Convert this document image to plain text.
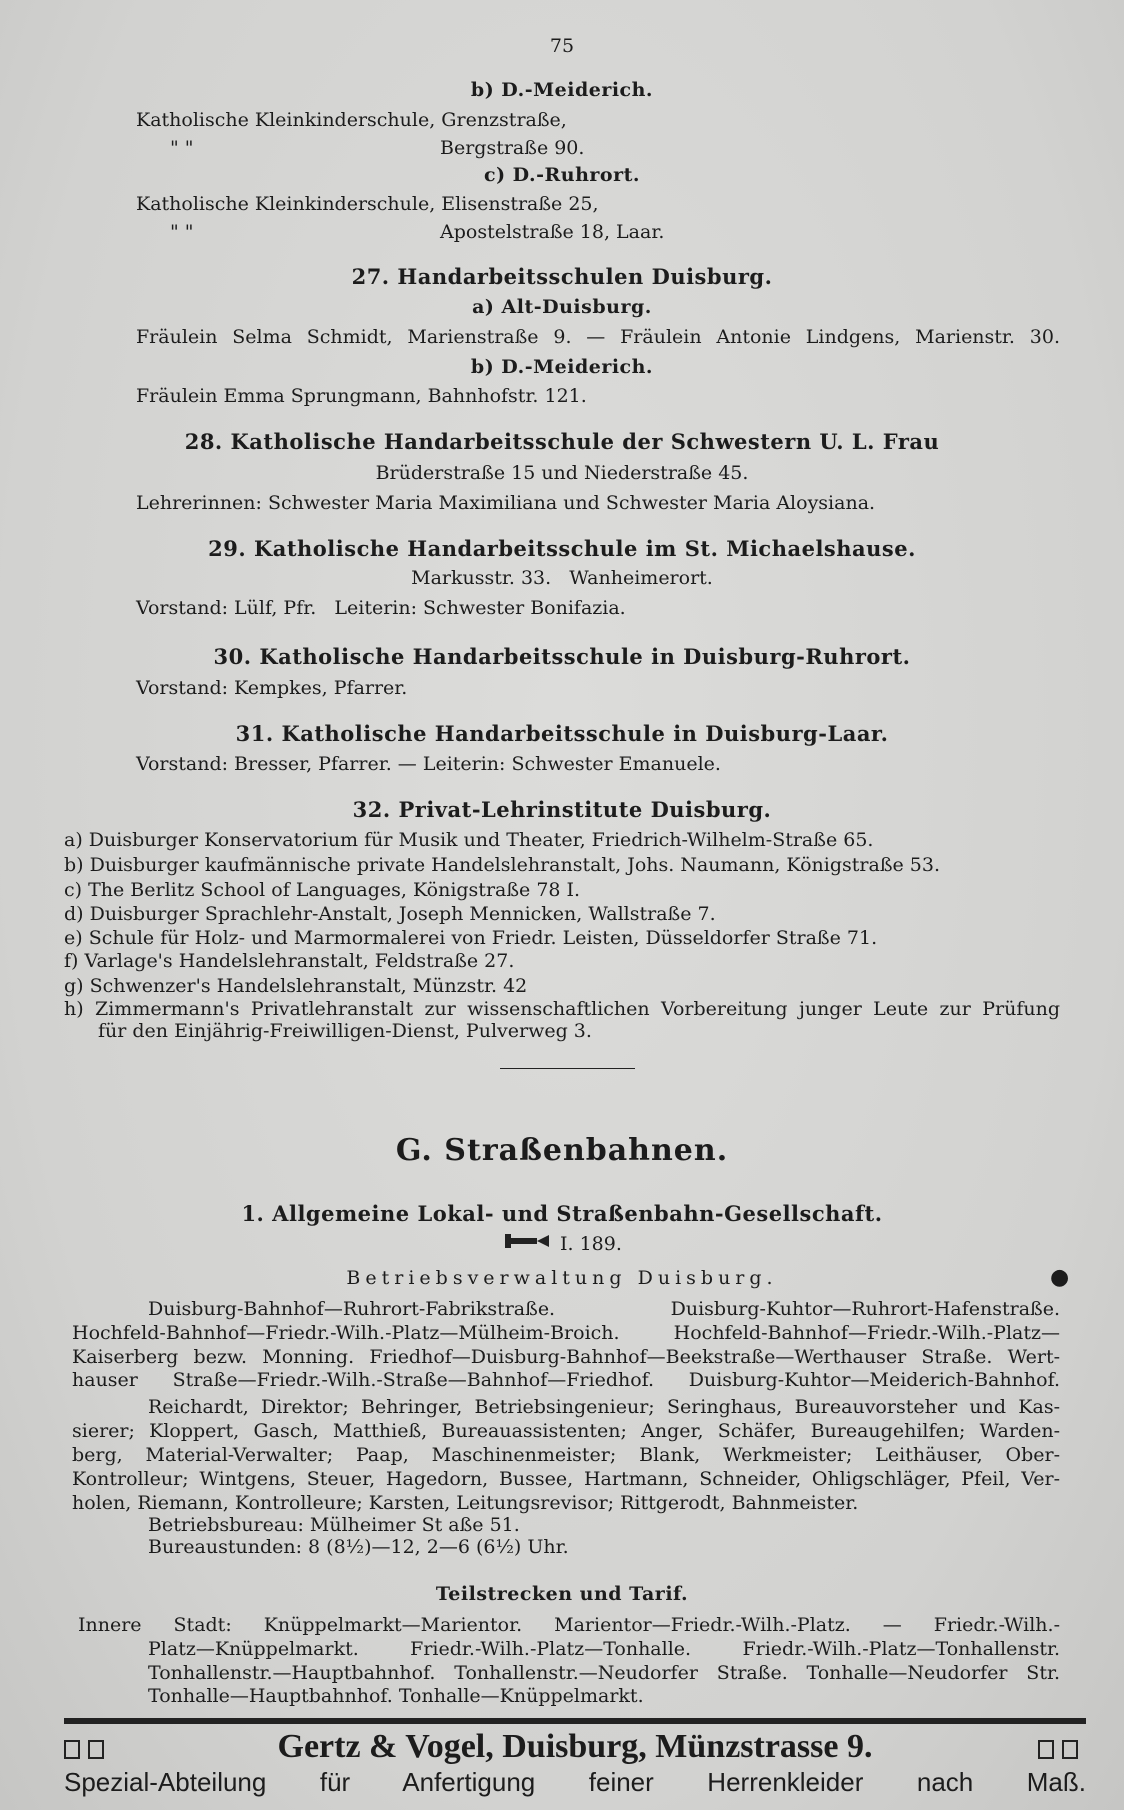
75
b) D.-Meiderich.
Katholische Kleinkinderschule, Grenzstraße,
" "	Bergstraße 90.
c) D.-Ruhrort.
Katholische Kleinkinderschule, Elisenstraße 25,
" "	Apostelstraße 18, Laar.
27. Handarbeitsschulen Duisburg.
a) Alt-Duisburg.
Fräulein Selma Schmidt, Marienstraße 9. — Fräulein Antonie Lindgens, Marienstr. 30.
b) D.-Meiderich.
Fräulein Emma Sprungmann, Bahnhofstr. 121.
28. Katholische Handarbeitsschule der Schwestern U. L. Frau
Brüderstraße 15 und Niederstraße 45.
Lehrerinnen: Schwester Maria Maximiliana und Schwester Maria Aloysiana.
29. Katholische Handarbeitsschule im St. Michaelshause.
Markusstr. 33.   Wanheimerort.
Vorstand: Lülf, Pfr.   Leiterin: Schwester Bonifazia.
30. Katholische Handarbeitsschule in Duisburg-Ruhrort.
Vorstand: Kempkes, Pfarrer.
31. Katholische Handarbeitsschule in Duisburg-Laar.
Vorstand: Bresser, Pfarrer. — Leiterin: Schwester Emanuele.
32. Privat-Lehrinstitute Duisburg.
a) Duisburger Konservatorium für Musik und Theater, Friedrich-Wilhelm-Straße 65.
b) Duisburger kaufmännische private Handelslehranstalt, Johs. Naumann, Königstraße 53.
c) The Berlitz School of Languages, Königstraße 78 I.
d) Duisburger Sprachlehr-Anstalt, Joseph Mennicken, Wallstraße 7.
e) Schule für Holz- und Marmormalerei von Friedr. Leisten, Düsseldorfer Straße 71.
f) Varlage's Handelslehranstalt, Feldstraße 27.
g) Schwenzer's Handelslehranstalt, Münzstr. 42
h) Zimmermann's Privatlehranstalt zur wissenschaftlichen Vorbereitung junger Leute zur Prüfung
für den Einjährig-Freiwilligen-Dienst, Pulverweg 3.
G. Straßenbahnen.
1. Allgemeine Lokal- und Straßenbahn-Gesellschaft.
I. 189.
Betriebsverwaltung Duisburg.	●
Duisburg-Bahnhof—Ruhrort-Fabrikstraße.     Duisburg-Kuhtor—Ruhrort-Hafenstraße.
Hochfeld-Bahnhof—Friedr.-Wilh.-Platz—Mülheim-Broich. Hochfeld-Bahnhof—Friedr.-Wilh.-Platz—
Kaiserberg bezw. Monning. Friedhof—Duisburg-Bahnhof—Beekstraße—Werthauser Straße. Wert-
hauser Straße—Friedr.-Wilh.-Straße—Bahnhof—Friedhof. Duisburg-Kuhtor—Meiderich-Bahnhof.
Reichardt, Direktor; Behringer, Betriebsingenieur; Seringhaus, Bureauvorsteher und Kas-
sierer; Kloppert, Gasch, Matthieß, Bureauassistenten; Anger, Schäfer, Bureaugehilfen; Warden-
berg, Material-Verwalter; Paap, Maschinenmeister; Blank, Werkmeister; Leithäuser, Ober-
Kontrolleur; Wintgens, Steuer, Hagedorn, Bussee, Hartmann, Schneider, Ohligschläger, Pfeil, Ver-
holen, Riemann, Kontrolleure; Karsten, Leitungsrevisor; Rittgerodt, Bahnmeister.
Betriebsbureau: Mülheimer St aße 51.
Bureaustunden: 8 (8½)—12, 2—6 (6½) Uhr.
Teilstrecken und Tarif.
Innere Stadt: Knüppelmarkt—Marientor. Marientor—Friedr.-Wilh.-Platz. — Friedr.-Wilh.-
Platz—Knüppelmarkt. Friedr.-Wilh.-Platz—Tonhalle. Friedr.-Wilh.-Platz—Tonhallenstr.
Tonhallenstr.—Hauptbahnhof. Tonhallenstr.—Neudorfer Straße. Tonhalle—Neudorfer Str.
Tonhalle—Hauptbahnhof. Tonhalle—Knüppelmarkt.
Gertz & Vogel, Duisburg, Münzstrasse 9.
Spezial-Abteilung für Anfertigung feiner Herrenkleider nach Maß.
